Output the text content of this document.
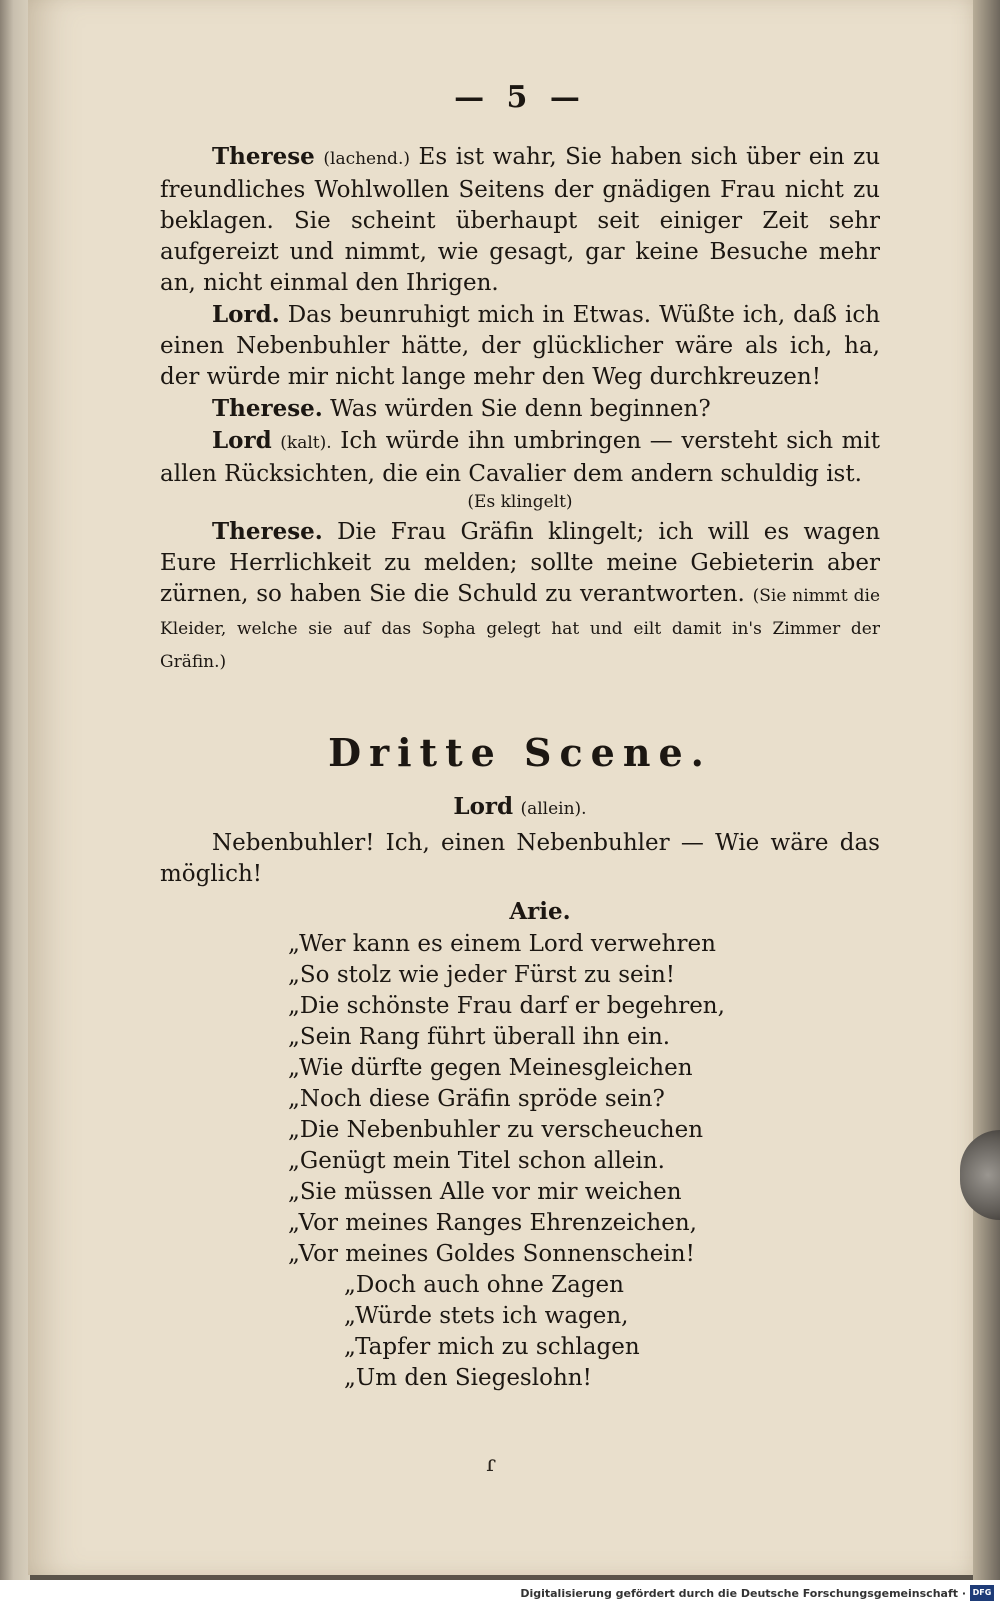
— 5 —

Therese (lachend.) Es ist wahr, Sie haben sich über ein zu freundliches Wohlwollen Seitens der gnädigen Frau nicht zu beklagen. Sie scheint überhaupt seit einiger Zeit sehr aufgereizt und nimmt, wie gesagt, gar keine Besuche mehr an, nicht einmal den Ihrigen.

Lord. Das beunruhigt mich in Etwas. Wüßte ich, daß ich einen Nebenbuhler hätte, der glücklicher wäre als ich, ha, der würde mir nicht lange mehr den Weg durchkreuzen!

Therese. Was würden Sie denn beginnen?

Lord (kalt). Ich würde ihn umbringen — versteht sich mit allen Rücksichten, die ein Cavalier dem andern schuldig ist.

(Es klingelt)

Therese. Die Frau Gräfin klingelt; ich will es wagen Eure Herrlichkeit zu melden; sollte meine Gebieterin aber zürnen, so haben Sie die Schuld zu verantworten. (Sie nimmt die Kleider, welche sie auf das Sopha gelegt hat und eilt damit in's Zimmer der Gräfin.)

Dritte Scene.
Lord (allein).

Nebenbuhler! Ich, einen Nebenbuhler — Wie wäre das möglich!

Arie.
„Wer kann es einem Lord verwehren
„So stolz wie jeder Fürst zu sein!
„Die schönste Frau darf er begehren,
„Sein Rang führt überall ihn ein.
„Wie dürfte gegen Meinesgleichen
„Noch diese Gräfin spröde sein?
„Die Nebenbuhler zu verscheuchen
„Genügt mein Titel schon allein.
„Sie müssen Alle vor mir weichen
„Vor meines Ranges Ehrenzeichen,
„Vor meines Goldes Sonnenschein!
„Doch auch ohne Zagen
„Würde stets ich wagen,
„Tapfer mich zu schlagen
„Um den Siegeslohn!
ɾ
Digitalisierung gefördert durch die Deutsche Forschungsgemeinschaft · DFG
